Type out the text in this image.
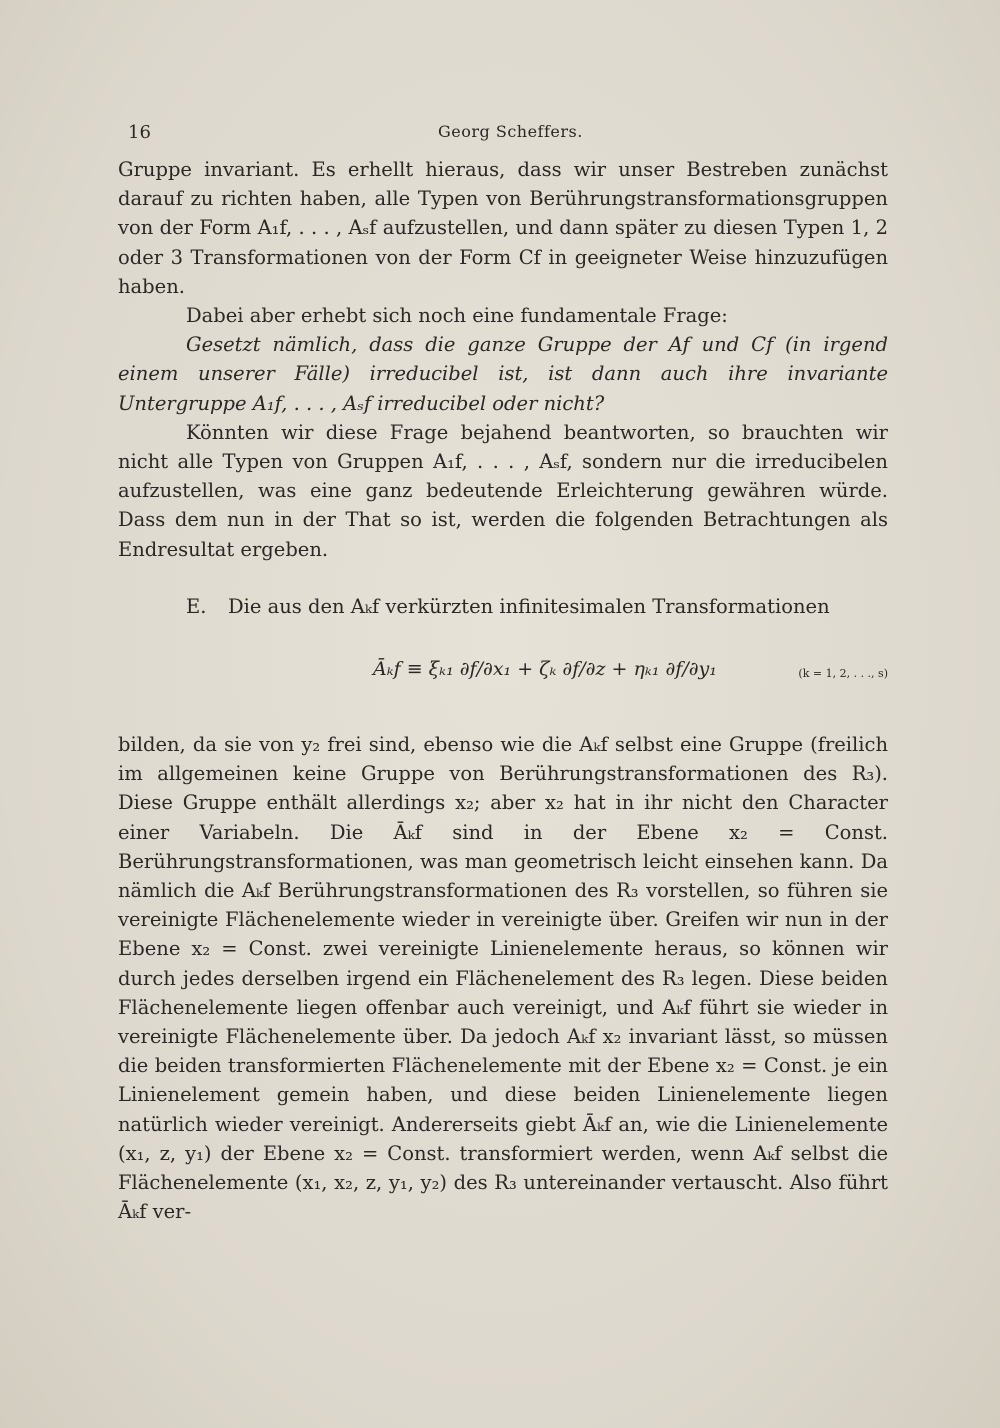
16	Georg Scheffers.

Gruppe invariant. Es erhellt hieraus, dass wir unser Bestreben zunächst darauf zu richten haben, alle Typen von Berührungstransformationsgruppen von der Form A₁f, . . . , Aₛf aufzustellen, und dann später zu diesen Typen 1, 2 oder 3 Transformationen von der Form Cf in geeigneter Weise hinzuzufügen haben.

Dabei aber erhebt sich noch eine fundamentale Frage:

Gesetzt nämlich, dass die ganze Gruppe der Af und Cf (in irgend einem unserer Fälle) irreducibel ist, ist dann auch ihre invariante Untergruppe A₁f, . . . , Aₛf irreducibel oder nicht?

Könnten wir diese Frage bejahend beantworten, so brauchten wir nicht alle Typen von Gruppen A₁f, . . . , Aₛf, sondern nur die irreducibelen aufzustellen, was eine ganz bedeutende Erleichterung gewähren würde. Dass dem nun in der That so ist, werden die folgenden Betrachtungen als Endresultat ergeben.

E. Die aus den Aₖf verkürzten infinitesimalen Transformationen

Āₖf ≡ ξₖ₁ ∂f/∂x₁ + ζₖ ∂f/∂z + ηₖ₁ ∂f/∂y₁	(k = 1, 2, . . ., s)

bilden, da sie von y₂ frei sind, ebenso wie die Aₖf selbst eine Gruppe (freilich im allgemeinen keine Gruppe von Berührungstransformationen des R₃). Diese Gruppe enthält allerdings x₂; aber x₂ hat in ihr nicht den Character einer Variabeln. Die Āₖf sind in der Ebene x₂ = Const. Berührungstransformationen, was man geometrisch leicht einsehen kann. Da nämlich die Aₖf Berührungstransformationen des R₃ vorstellen, so führen sie vereinigte Flächenelemente wieder in vereinigte über. Greifen wir nun in der Ebene x₂ = Const. zwei vereinigte Linienelemente heraus, so können wir durch jedes derselben irgend ein Flächenelement des R₃ legen. Diese beiden Flächenelemente liegen offenbar auch vereinigt, und Aₖf führt sie wieder in vereinigte Flächenelemente über. Da jedoch Aₖf x₂ invariant lässt, so müssen die beiden transformierten Flächenelemente mit der Ebene x₂ = Const. je ein Linienelement gemein haben, und diese beiden Linienelemente liegen natürlich wieder vereinigt. Andererseits giebt Āₖf an, wie die Linienelemente (x₁, z, y₁) der Ebene x₂ = Const. transformiert werden, wenn Aₖf selbst die Flächenelemente (x₁, x₂, z, y₁, y₂) des R₃ untereinander vertauscht. Also führt Āₖf ver-
